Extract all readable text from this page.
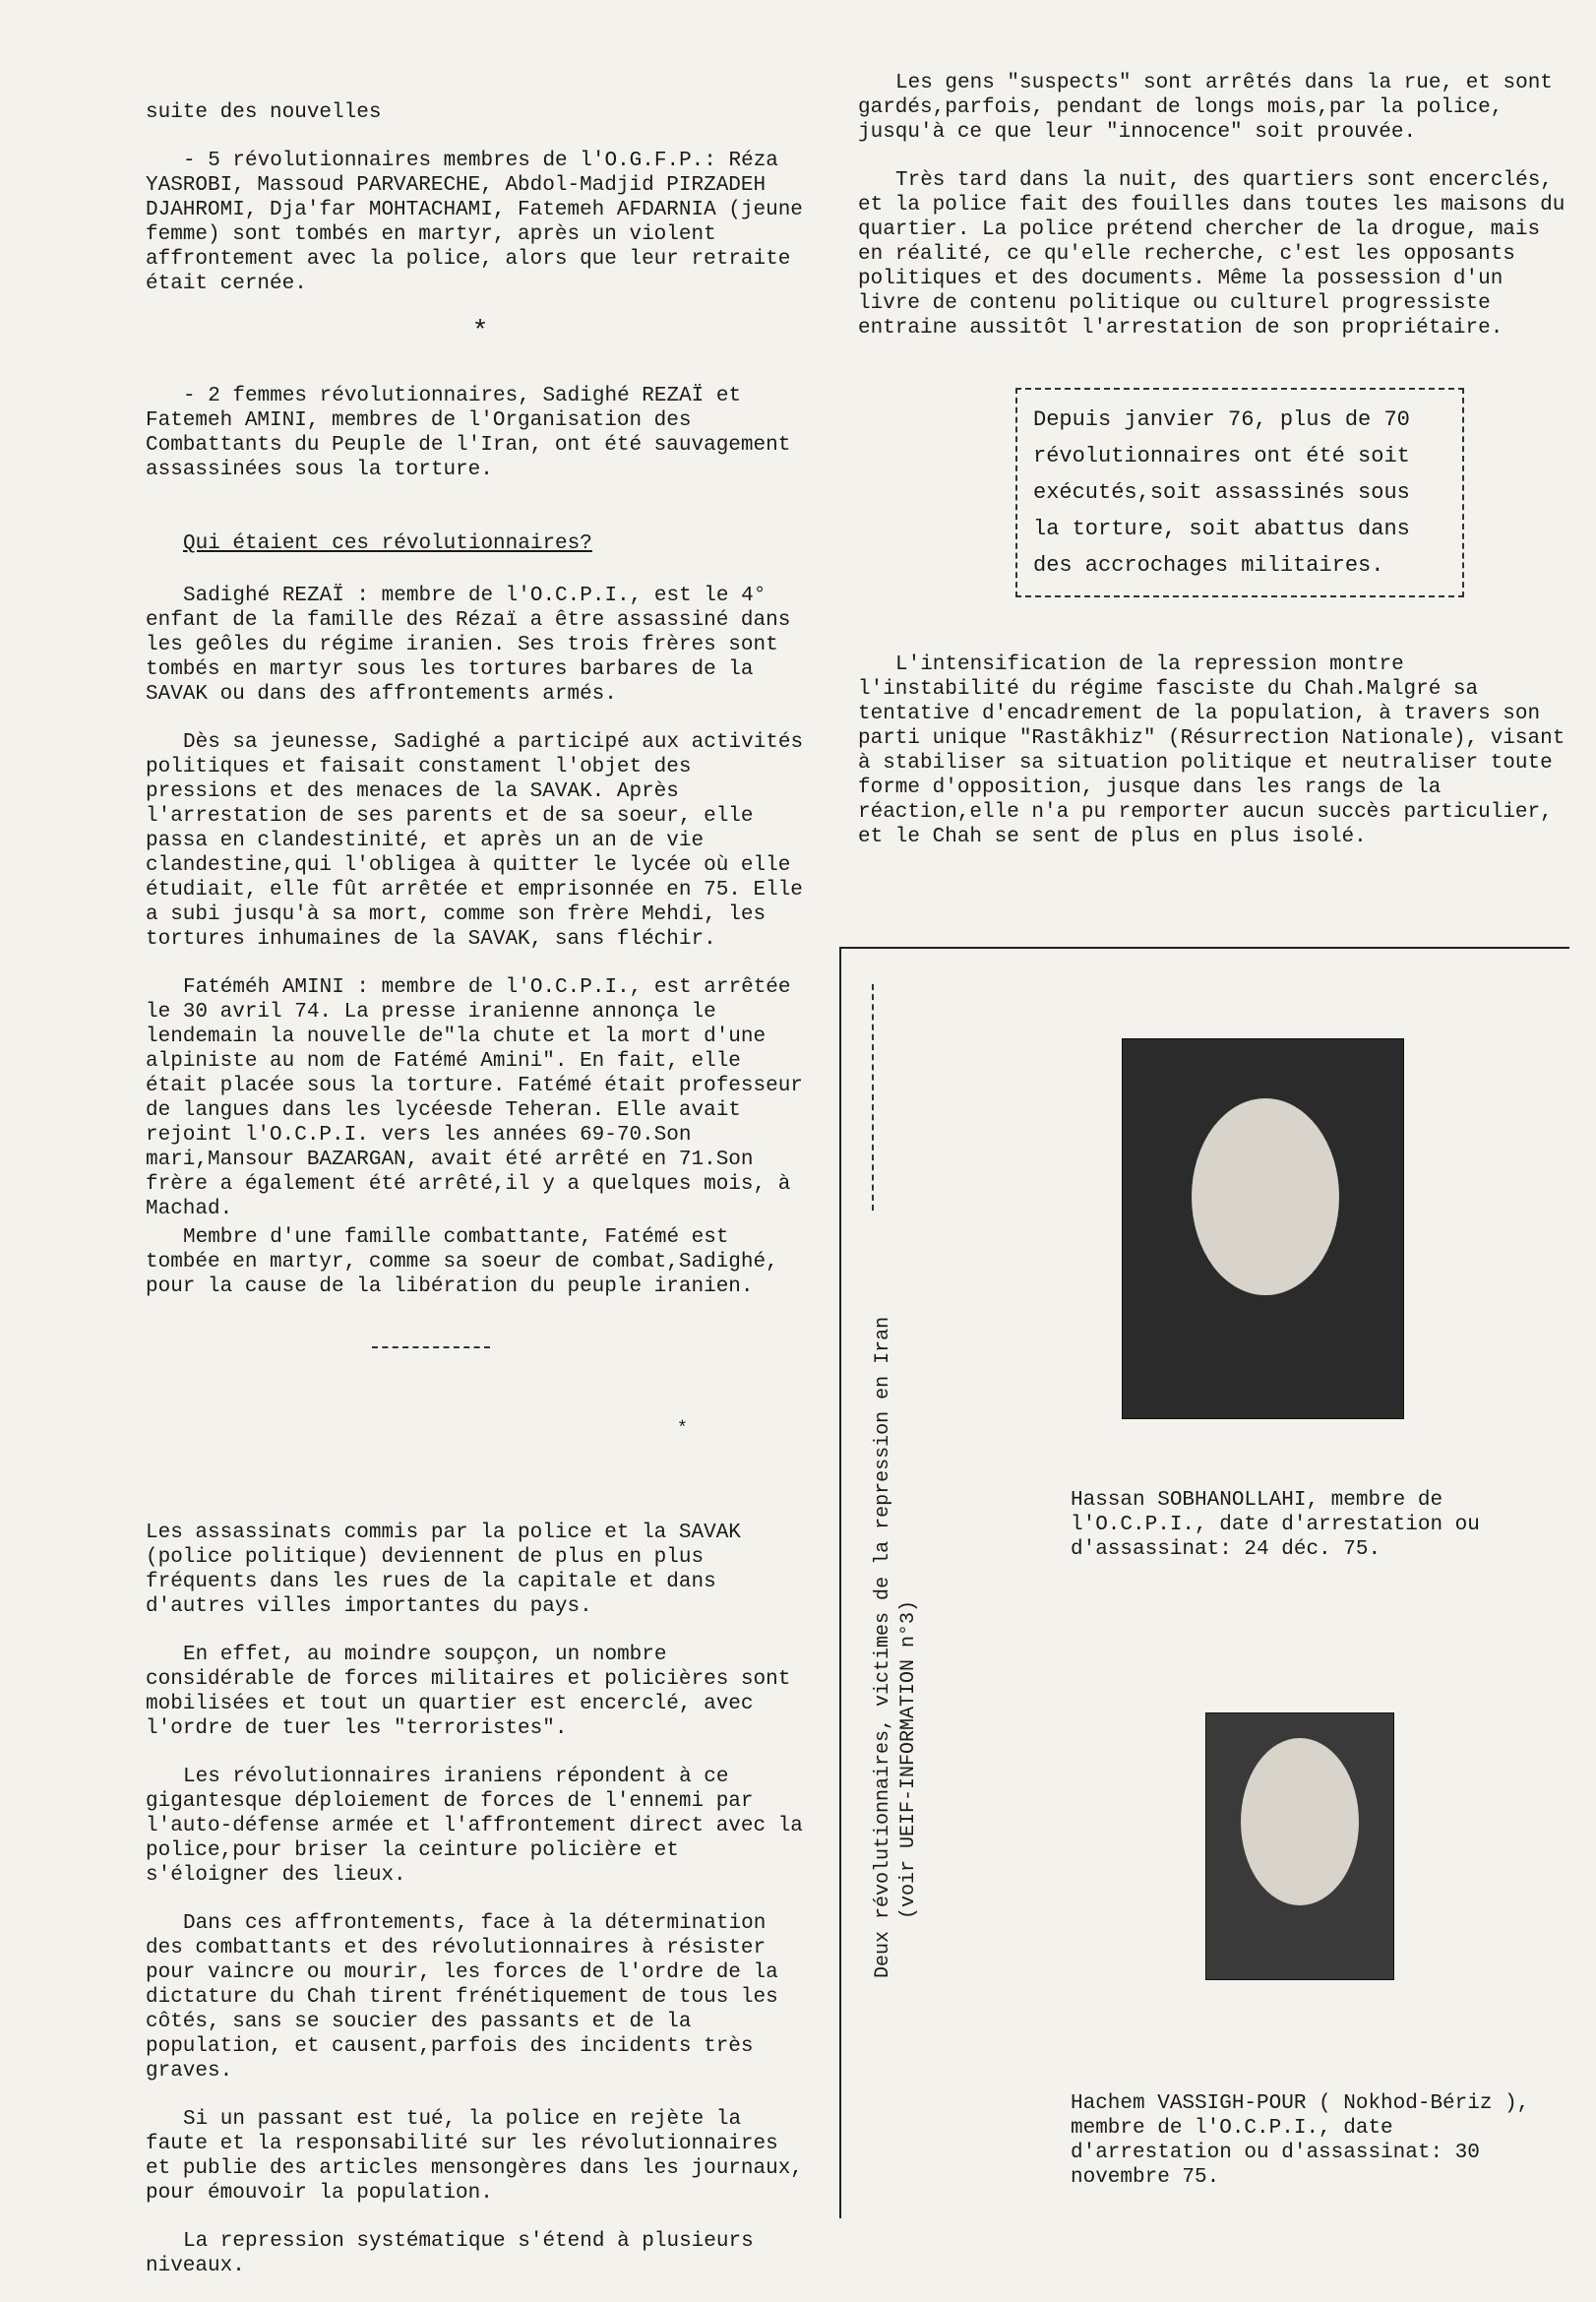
suite des nouvelles

- 5 révolutionnaires membres de l'O.G.F.P.: Réza YASROBI, Massoud PARVARECHE, Abdol-Madjid PIRZADEH DJAHROMI, Dja'far MOHTACHAMI, Fatemeh AFDARNIA (jeune femme) sont tombés en martyr, après un violent affrontement avec la police, alors que leur retraite était cernée.

*

- 2 femmes révolutionnaires, Sadighé REZAÏ et Fatemeh AMINI, membres de l'Organisation des Combattants du Peuple de l'Iran, ont été sauvagement assassinées sous la torture.

Qui étaient ces révolutionnaires?

Sadighé REZAÏ : membre de l'O.C.P.I., est le 4° enfant de la famille des Rézaï a être assassiné dans les geôles du régime iranien. Ses trois frères sont tombés en martyr sous les tortures barbares de la SAVAK ou dans des affrontements armés.

Dès sa jeunesse, Sadighé a participé aux activités politiques et faisait constament l'objet des pressions et des menaces de la SAVAK. Après l'arrestation de ses parents et de sa soeur, elle passa en clandestinité, et après un an de vie clandestine,qui l'obligea à quitter le lycée où elle étudiait, elle fût arrêtée et emprisonnée en 75. Elle a subi jusqu'à sa mort, comme son frère Mehdi, les tortures inhumaines de la SAVAK, sans fléchir.

Fatéméh AMINI : membre de l'O.C.P.I., est arrêtée le 30 avril 74. La presse iranienne annonça le lendemain la nouvelle de"la chute et la mort d'une alpiniste au nom de Fatémé Amini". En fait, elle était placée sous la torture. Fatémé était professeur de langues dans les lycéesde Teheran. Elle avait rejoint l'O.C.P.I. vers les années 69-70.Son mari,Mansour BAZARGAN, avait été arrêté en 71.Son frère a également été arrêté,il y a quelques mois, à Machad.

Membre d'une famille combattante, Fatémé est tombée en martyr, comme sa soeur de combat,Sadighé, pour la cause de la libération du peuple iranien.

*

Les assassinats commis par la police et la SAVAK (police politique) deviennent de plus en plus fréquents dans les rues de la capitale et dans d'autres villes importantes du pays.

En effet, au moindre soupçon, un nombre considérable de forces militaires et policières sont mobilisées et tout un quartier est encerclé, avec l'ordre de tuer les "terroristes".

Les révolutionnaires iraniens répondent à ce gigantesque déploiement de forces de l'ennemi par l'auto-défense armée et l'affrontement direct avec la police,pour briser la ceinture policière et s'éloigner des lieux.

Dans ces affrontements, face à la détermination des combattants et des révolutionnaires à résister pour vaincre ou mourir, les forces de l'ordre de la dictature du Chah tirent frénétiquement de tous les côtés, sans se soucier des passants et de la population, et causent,parfois des incidents très graves.

Si un passant est tué, la police en rejète la faute et la responsabilité sur les révolutionnaires et publie des articles mensongères dans les journaux, pour émouvoir la population.

La repression systématique s'étend à plusieurs niveaux.

Les gens "suspects" sont arrêtés dans la rue, et sont gardés,parfois, pendant de longs mois,par la police, jusqu'à ce que leur "innocence" soit prouvée.

Très tard dans la nuit, des quartiers sont encerclés, et la police fait des fouilles dans toutes les maisons du quartier. La police prétend chercher de la drogue, mais en réalité, ce qu'elle recherche, c'est les opposants politiques et des documents. Même la possession d'un livre de contenu politique ou culturel progressiste entraine aussitôt l'arrestation de son propriétaire.

Depuis janvier 76, plus de 70 révolutionnaires ont été soit exécutés,soit assassinés sous la torture, soit abattus dans des accrochages militaires.

L'intensification de la repression montre l'instabilité du régime fasciste du Chah.Malgré sa tentative d'encadrement de la population, à travers son parti unique "Rastâkhiz" (Résurrection Nationale), visant à stabiliser sa situation politique et neutraliser toute forme d'opposition, jusque dans les rangs de la réaction,elle n'a pu remporter aucun succès particulier, et le Chah se sent de plus en plus isolé.

Deux révolutionnaires, victimes de la repression en Iran (voir UEIF-INFORMATION n°3)
Hassan SOBHANOLLAHI, membre de l'O.C.P.I., date d'arrestation ou d'assassinat: 24 déc. 75.
Hachem VASSIGH-POUR ( Nokhod-Bériz ), membre de l'O.C.P.I., date d'arrestation ou d'assassinat: 30 novembre 75.
